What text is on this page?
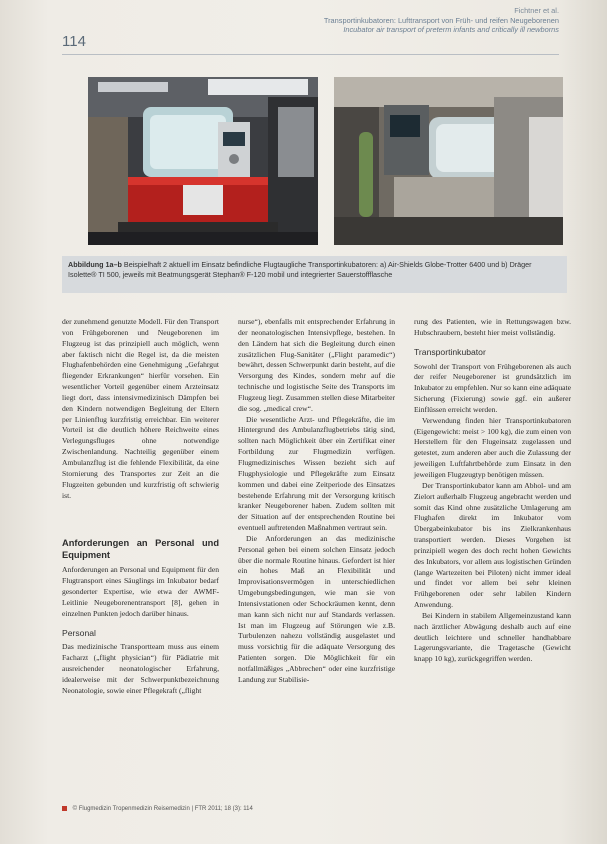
114
Fichtner et al.
Transportinkubatoren: Lufttransport von Früh- und reifen Neugeborenen
Incubator air transport of preterm infants and critically ill newborns
Abbildung 1a–b Beispielhaft 2 aktuell im Einsatz befindliche Flugtaugliche Transportinkubatoren: a) Air-Shields Globe-Trotter 6400 und b) Dräger Isolette® TI 500, jeweils mit Beatmungsgerät Stephan® F-120 mobil und integrierter Sauerstoffflasche

der zunehmend genutzte Modell. Für den Transport von Frühgeborenen und Neugeborenen im Flugzeug ist das prinzipiell auch möglich, wenn aber faktisch nicht die Regel ist, da die meisten Flughafenbehörden eine Genehmigung „Gefahrgut fliegender Erkrankungen“ hierfür vorsehen. Ein wesentlicher Vorteil gegenüber einem Arzteinsatz liegt dort, dass intensivmedizinisch Dämpfen bei den Kindern notwendigen Begleitung der Eltern per Linienflug kurzfristig erreichbar. Ein weiterer Vorteil ist die deutlich höhere Reichweite eines Verlegungsfluges ohne notwendige Zwischenlandung. Nachteilig gegenüber einem Ambulanzflug ist die fehlende Flexibilität, da eine Stornierung des Transportes zur Zeit an die Flugzeiten gebunden und kurzfristig oft schwierig ist.

Anforderungen an Personal und Equipment

Anforderungen an Personal und Equipment für den Flugtransport eines Säuglings im Inkubator bedarf gesonderter Expertise, wie etwa der AWMF-Leitlinie Neugeborenentransport [8], gehen in einzelnen Punkten jedoch darüber hinaus.

Personal

Das medizinische Transportteam muss aus einem Facharzt („flight physician“) für Pädiatrie mit ausreichender neonatologischer Erfahrung, idealerweise mit der Schwerpunktbezeichnung Neonatologie, sowie einer Pflegekraft („flight

nurse“), ebenfalls mit entsprechender Erfahrung in der neonatologischen Intensivpflege, bestehen. In den Ländern hat sich die Begleitung durch einen zusätzlichen Flug-Sanitäter („Flight paramedic“) bewährt, dessen Schwerpunkt darin besteht, auf die Versorgung des Kindes, sondern mehr auf die technische und logistische Seite des Transports im Flugzeug liegt. Zusammen stellen diese Mitarbeiter die sog. „medical crew“.

Die wesentliche Arzt- und Pflegekräfte, die im Hintergrund des Ambulanzflugbetriebs tätig sind, sollten nach Möglichkeit über ein Zertifikat einer Fortbildung zur Flugmedizin verfügen. Flugmedizinisches Wissen bezieht sich auf Flugphysiologie und Pflegekräfte zum Einsatz kommen und dabei eine Zeitperiode des Einsatzes bestehende Erfahrung mit der Versorgung kritisch kranker Neugeborener haben. Zudem sollten mit der Situation auf der entsprechenden Routine bei eventuell auftretenden Maßnahmen vertraut sein.

Die Anforderungen an das medizinische Personal gehen bei einem solchen Einsatz jedoch über die normale Routine hinaus. Gefordert ist hier ein hohes Maß an Flexibilität und Improvisationsvermögen in unterschiedlichen Umgebungsbedingungen, wie man sie von Intensivstationen oder Schockräumen kennt, denn man kann sich nicht nur auf Standards verlassen. Ist man im Flugzeug auf Störungen wie z.B. Turbulenzen nahezu vollständig ausgelastet und muss vorsichtig für die adäquate Versorgung des Patienten sorgen. Die Möglichkeit für ein notfallmäßiges „Abbrechen“ oder eine kurzfristige Landung zur Stabilisie-

rung des Patienten, wie in Rettungswagen bzw. Hubschraubern, besteht hier meist vollständig.

Transportinkubator

Sowohl der Transport von Frühgeborenen als auch der reifer Neugeborener ist grundsätzlich im Inkubator zu empfehlen. Nur so kann eine adäquate Sicherung (Fixierung) sowie ggf. ein außerer Einflüssen erreicht werden.

Verwendung finden hier Transportinkubatoren (Eigengewicht: meist > 100 kg), die zum einen von Herstellern für den Flugeinsatz zugelassen und getestet, zum anderen aber auch die Zulassung der jeweiligen Luftfahrtbehörde zum Einsatz in den jeweiligen Flugzeugtyp benötigen müssen.

Der Transportinkubator kann am Abhol- und am Zielort außerhalb Flugzeug angebracht werden und somit das Kind ohne zusätzliche Umlagerung am Flughafen direkt im Inkubator vom Übergabeinkubator bis ins Zielkrankenhaus transportiert werden. Dieses Vorgehen ist prinzipiell wegen des doch recht hohen Gewichts des Inkubators, vor allem aus logistischen Gründen (lange Wartezeiten bei Piloten) nicht immer ideal und findet vor allem bei sehr kleinen Frühgeborenen oder sehr labilen Kindern Anwendung.

Bei Kindern in stabilem Allgemeinzustand kann nach ärztlicher Abwägung deshalb auch auf eine deutlich leichtere und schneller handhabbare Lagerungsvariante, die Tragetasche (Gewicht knapp 10 kg), zurückgegriffen werden.

© Flugmedizin Tropenmedizin Reisemedizin | FTR 2011; 18 (3): 114
